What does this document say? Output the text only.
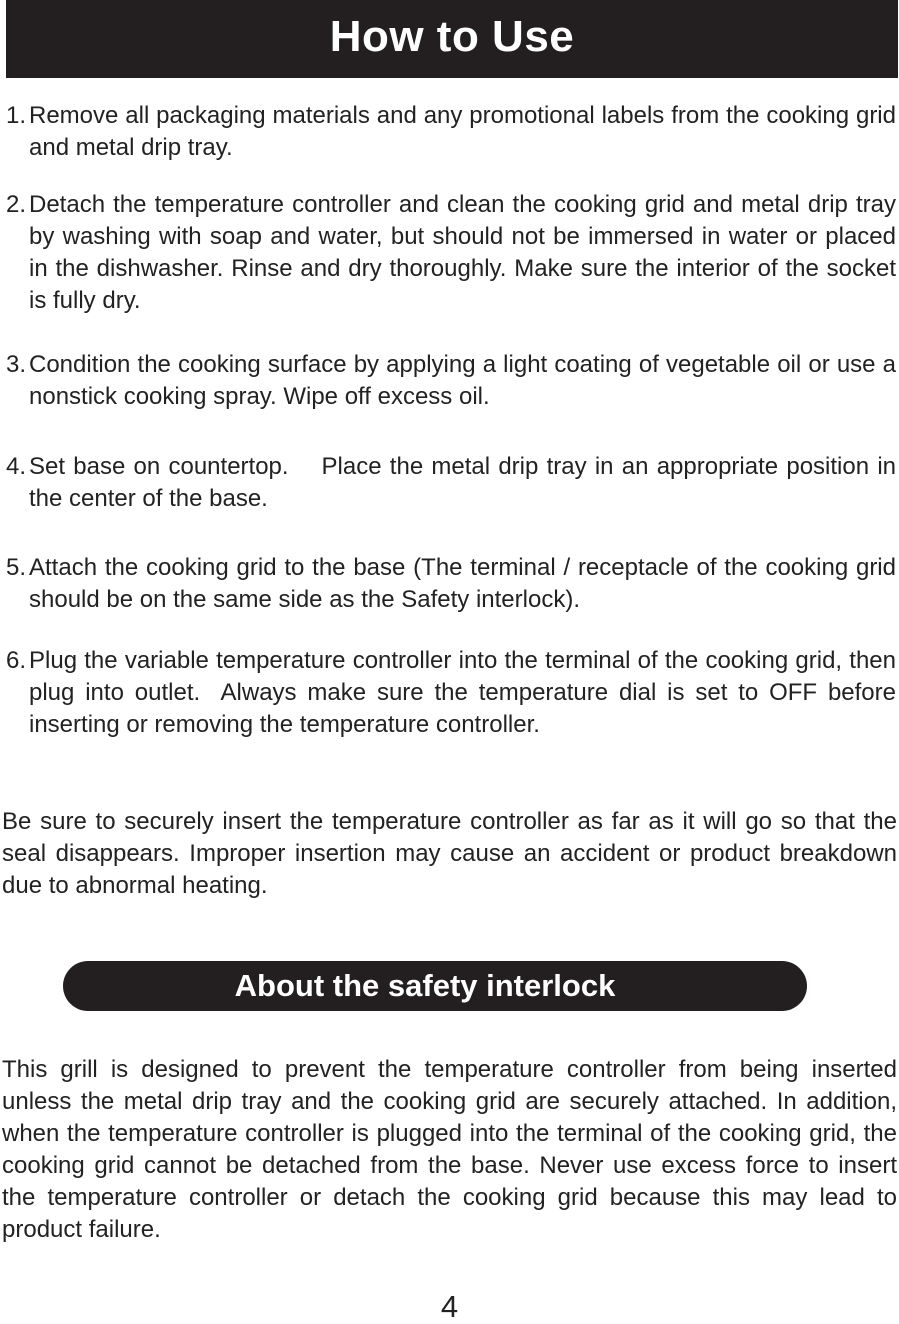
How to Use
1. Remove all packaging materials and any promotional labels from the cooking grid and metal drip tray.
2. Detach the temperature controller and clean the cooking grid and metal drip tray by washing with soap and water, but should not be immersed in water or placed in the dishwasher. Rinse and dry thoroughly. Make sure the interior of the socket is fully dry.
3. Condition the cooking surface by applying a light coating of vegetable oil or use a nonstick cooking spray. Wipe off excess oil.
4. Set base on countertop.    Place the metal drip tray in an appropriate position in the center of the base.
5. Attach the cooking grid to the base (The terminal / receptacle of the cooking grid should be on the same side as the Safety interlock).
6. Plug the variable temperature controller into the terminal of the cooking grid, then plug into outlet.  Always make sure the temperature dial is set to OFF before inserting or removing the temperature controller.
Be sure to securely insert the temperature controller as far as it will go so that the seal disappears. Improper insertion may cause an accident or product breakdown due to abnormal heating.
About the safety interlock
This grill is designed to prevent the temperature controller from being inserted unless the metal drip tray and the cooking grid are securely attached. In addition, when the temperature controller is plugged into the terminal of the cooking grid, the cooking grid cannot be detached from the base. Never use excess force to insert the temperature controller or detach the cooking grid because this may lead to product failure.
4
